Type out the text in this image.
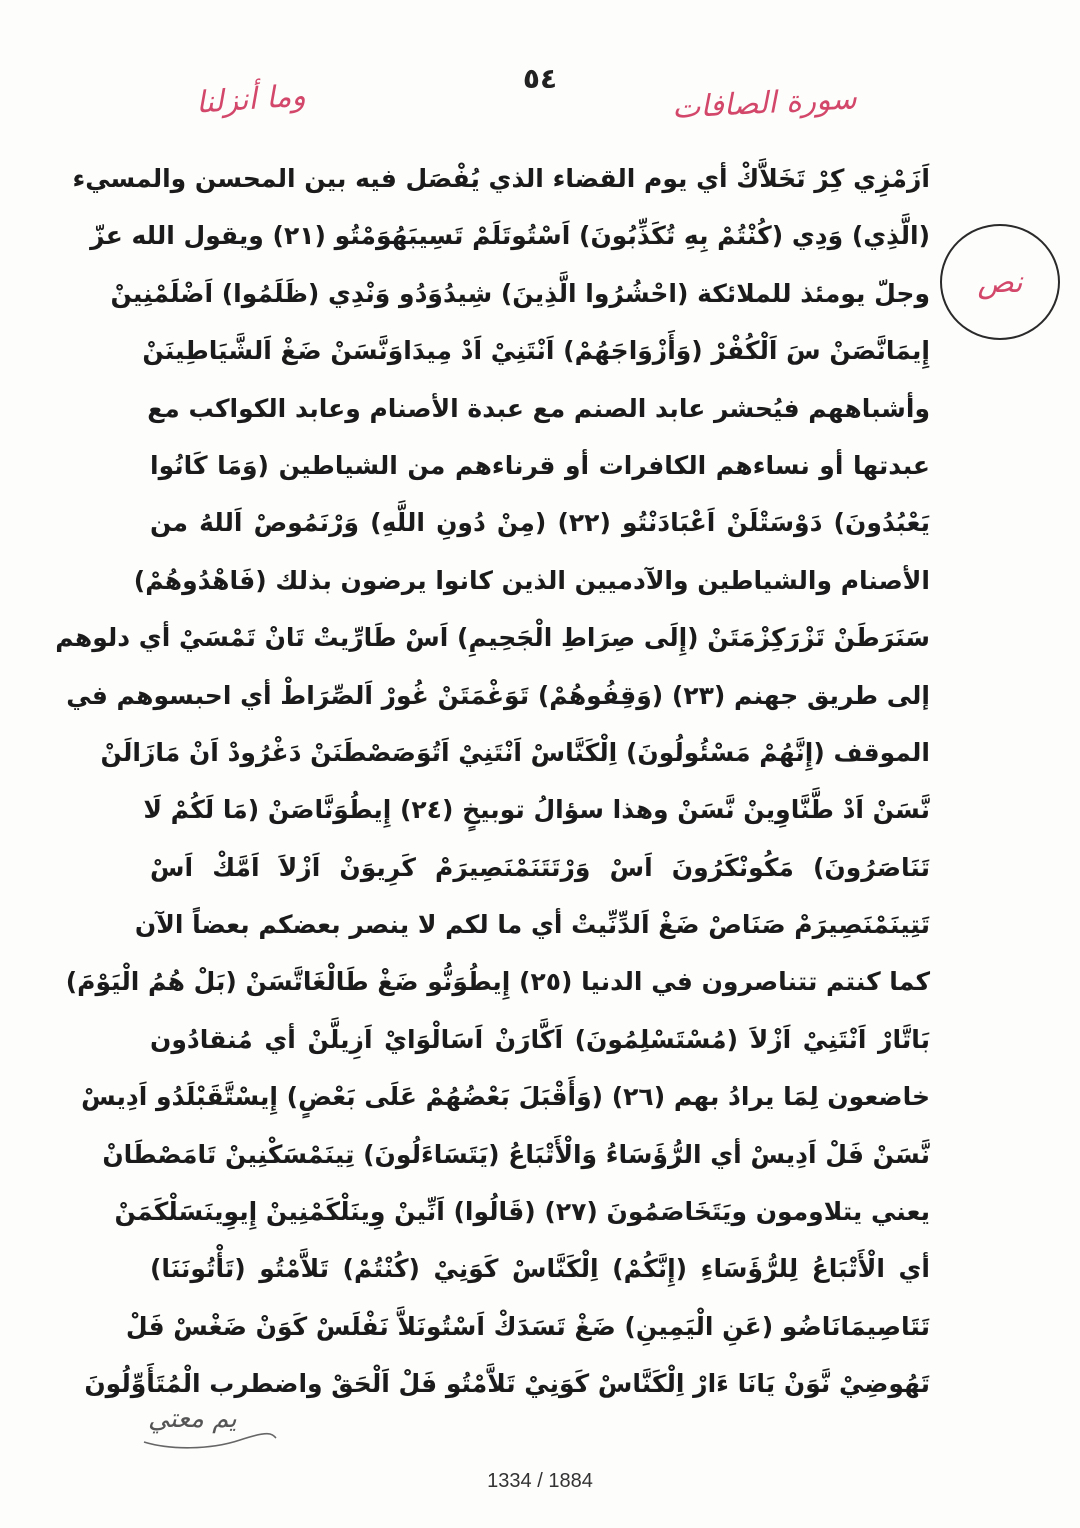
٥٤
سورة الصافات
وما أنزلنا
نص
اَزَمْزِي كِرْ تَخَلاَّكْ أي يوم القضاء الذي يُفْصَل فيه بين المحسن والمسيء
(الَّذِي) وَدِي (كُنْتُمْ بِهِ تُكَذِّبُونَ) اَسْتُوتَلَمْ تَسِيبَهُوَمْتُو (٢١) ويقول الله عزّ
وجلّ يومئذ للملائكة (احْشُرُوا الَّذِينَ) شِيدُوَدُو وَنْدِي (ظَلَمُوا) اَضْلَمْنِينْ
إِيمَانَّصَنْ سَ اَلْكُفْرْ (وَأَزْوَاجَهُمْ) اَنْتَنِيْ اَدْ مِيدَاوَنَّسَنْ ضَغْ اَلشَّيَاطِينَنْ
وأشباههم فيُحشر عابد الصنم مع عبدة الأصنام وعابد الكواكب مع
عبدتها أو نساءهم الكافرات أو قرناءهم من الشياطين (وَمَا كَانُوا
يَعْبُدُونَ) دَوْسَتْلَنْ اَعْبَادَنْتُو (٢٢) (مِنْ دُونِ اللَّهِ) وَرْنَمُوصْ اَللهُ من
الأصنام والشياطين والآدميين الذين كانوا يرضون بذلك (فَاهْدُوهُمْ)
سَنَرَطَنْ تَزْرَكِزْمَتَنْ (إِلَى صِرَاطِ الْجَحِيمِ) اَسْ طَارِّيتْ تَانْ تَمْسَيْ أي دلوهم
إلى طريق جهنم (٢٣) (وَقِفُوهُمْ) تَوَغْمَتَنْ غُورْ اَلصِّرَاطْ أي احبسوهم في
الموقف (إِنَّهُمْ مَسْئُولُونَ) اِلْكَنَّاسْ اَنْتَنِيْ اَتُوَصَصْطَنَنْ دَغْرُودْ اَنْ مَازَالَنْ
نَّسَنْ اَدْ طَّنَّاوِينْ نَّسَنْ وهذا سؤالُ توبيخٍ (٢٤) إِيطُوَنَّاصَنْ (مَا لَكُمْ لَا
تَنَاصَرُونَ) مَكُونْكَرُونَ اَسْ وَرْتَتَنَمْنَصِيرَمْ كَرِيوَنْ اَزْلاَ اَمَّكْ اَسْ
تَتِينَمْنَصِيرَمْ صَنَاصْ ضَغْ اَلدِّنِّيتْ أي ما لكم لا ينصر بعضكم بعضاً الآن
كما كنتم تتناصرون في الدنيا (٢٥) إِيطُوَنُّو ضَغْ طَالْغَاتَّسَنْ (بَلْ هُمُ الْيَوْمَ)
بَاتَّارْ اَنْتَنِيْ اَزْلاَ (مُسْتَسْلِمُونَ) اَكَّارَنْ اَسَالْوَايْ اَزِيلَّنْ أي مُنقادُون
خاضعون لِمَا يرادُ بهم (٢٦) (وَأَقْبَلَ بَعْضُهُمْ عَلَى بَعْضٍ) إِيسْتَّقَبْلَدُو اَدِيسْ
نَّسَنْ فَلْ اَدِيسْ أي الرُّؤَسَاءُ وَالْأَتْبَاعُ (يَتَسَاءَلُونَ) تِينَمْسَكْنِينْ تَامَصْطَانْ
يعني يتلاومون ويَتَخَاصَمُونَ (٢٧) (قَالُوا) اَنِّينْ وِينَلْكَمْنِينْ إِيوِينَسَلْكَمَنْ
أي الْأَتْبَاعُ لِلرُّؤَسَاءِ (إِنَّكُمْ) اِلْكَنَّاسْ كَوَنِيْ (كُنْتُمْ) تَلاَّمْتُو (تَأْتُونَنَا)
تَتَاصِيمَانَاضُو (عَنِ الْيَمِينِ) ضَغْ تَسَدَكْ اَسْتُونَلاَّ نَفْلَسْ كَوَنْ ضَغْسْ فَلْ
تَهُوضِيْ نَّوَنْ يَانَا ءَارْ اِلْكَنَّاسْ كَوَنِيْ تَلاَّمْتُو فَلْ اَلْحَقْ واضطرب الْمُتَأَوِّلُونَ
يم معتي
1334 / 1884
